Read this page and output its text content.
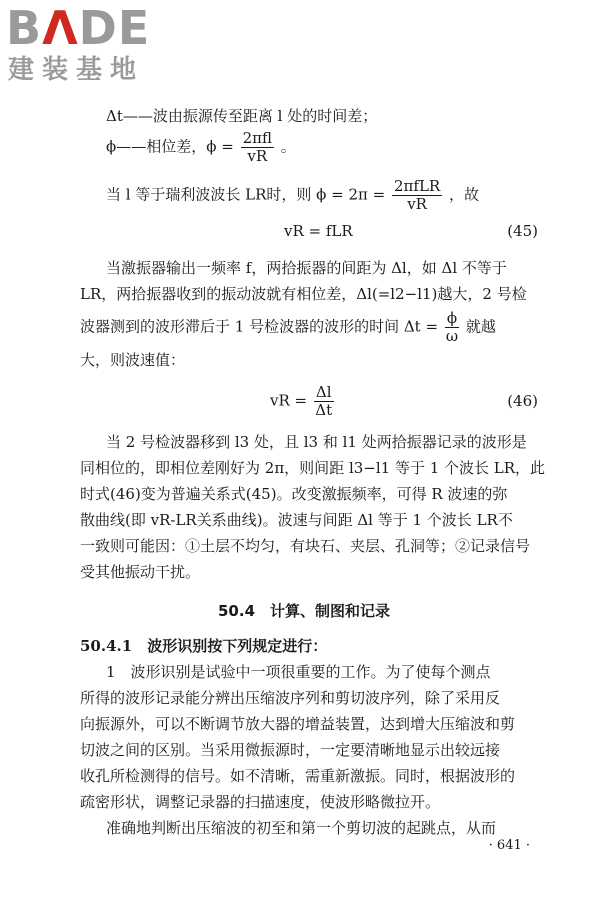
BΛDE
建装基地
Δt——波由振源传至距离 l 处的时间差；
ϕ——相位差，$\phi = \frac{\text{2πfl}}{vR}$ 。
当 l 等于瑞利波波长 LR时，则 $\phi = 2\pi = \frac{\text{2πfLR}}{vR}$ ，故
vR = fLR	(45)
当激振器输出一频率 f，两拾振器的间距为 Δl，如 Δl 不等于
LR，两拾振器收到的振动波就有相位差，Δl(=l2−l1)越大，2 号检
波器测到的波形滞后于 1 号检波器的波形的时间 $\Delta t = \frac{\phi}{\omega}$ 就越
大，则波速值：
vR = $\frac{\Delta l}{\Delta t}$	(46)
当 2 号检波器移到 l3 处，且 l3 和 l1 处两拾振器记录的波形是
同相位的，即相位差刚好为 2π，则间距 l3−l1 等于 1 个波长 LR，此
时式(46)变为普遍关系式(45)。改变激振频率，可得 R 波速的弥
散曲线(即 vR-LR关系曲线)。波速与间距 Δl 等于 1 个波长 LR不
一致则可能因：①土层不均匀，有块石、夹层、孔洞等；②记录信号
受其他振动干扰。
50.4　计算、制图和记录
50.4.1　波形识别按下列规定进行：
1　波形识别是试验中一项很重要的工作。为了使每个测点
所得的波形记录能分辨出压缩波序列和剪切波序列，除了采用反
向振源外，可以不断调节放大器的增益装置，达到增大压缩波和剪
切波之间的区别。当采用微振源时，一定要清晰地显示出较远接
收孔所检测得的信号。如不清晰，需重新激振。同时，根据波形的
疏密形状，调整记录器的扫描速度，使波形略微拉开。
准确地判断出压缩波的初至和第一个剪切波的起跳点，从而
· 641 ·
